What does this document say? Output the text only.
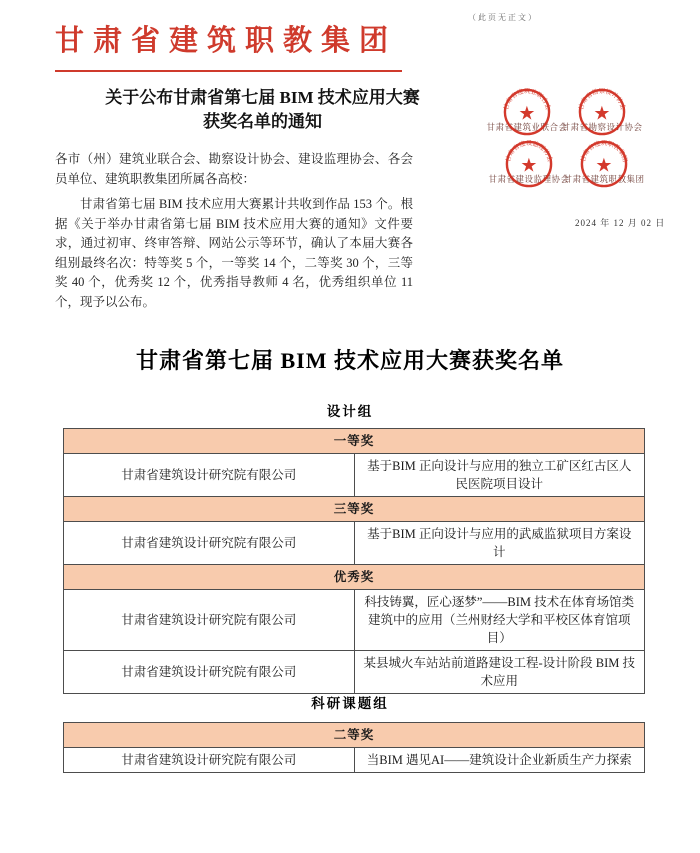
甘肃省建筑职教集团
（此页无正文）
关于公布甘肃省第七届 BIM 技术应用大赛
获奖名单的通知

各市（州）建筑业联合会、勘察设计协会、建设监理协会、各会员单位、建筑职教集团所属各高校：

甘肃省第七届 BIM 技术应用大赛累计共收到作品 153 个。根据《关于举办甘肃省第七届 BIM 技术应用大赛的通知》文件要求，通过初审、终审答辩、网站公示等环节，确认了本届大赛各组别最终名次：特等奖 5 个，一等奖 14 个，二等奖 30 个，三等奖 40 个，优秀奖 12 个，优秀指导教师 4 名，优秀组织单位 11 个，现予以公布。

甘肃省建筑业联合会
甘肃省勘察设计协会
甘肃省建设监理协会
甘肃省建筑职教集团
甘肃省建筑业联合会
★	甘肃省勘察设计协会
★
甘肃省建设监理协会
★	甘肃省建筑职教集团
★
2024 年 12 月 02 日
甘肃省第七届 BIM 技术应用大赛获奖名单
设计组
一等奖	
甘肃省建筑设计研究院有限公司	基于BIM 正向设计与应用的独立工矿区红古区人民医院项目设计
三等奖	
甘肃省建筑设计研究院有限公司	基于BIM 正向设计与应用的武威监狱项目方案设计
优秀奖	
甘肃省建筑设计研究院有限公司	科技铸翼，匠心逐梦”——BIM 技术在体育场馆类建筑中的应用（兰州财经大学和平校区体育馆项目）
甘肃省建筑设计研究院有限公司	某县城火车站站前道路建设工程-设计阶段 BIM 技术应用
科研课题组
二等奖
甘肃省建筑设计研究院有限公司	当BIM 遇见AI——建筑设计企业新质生产力探索
